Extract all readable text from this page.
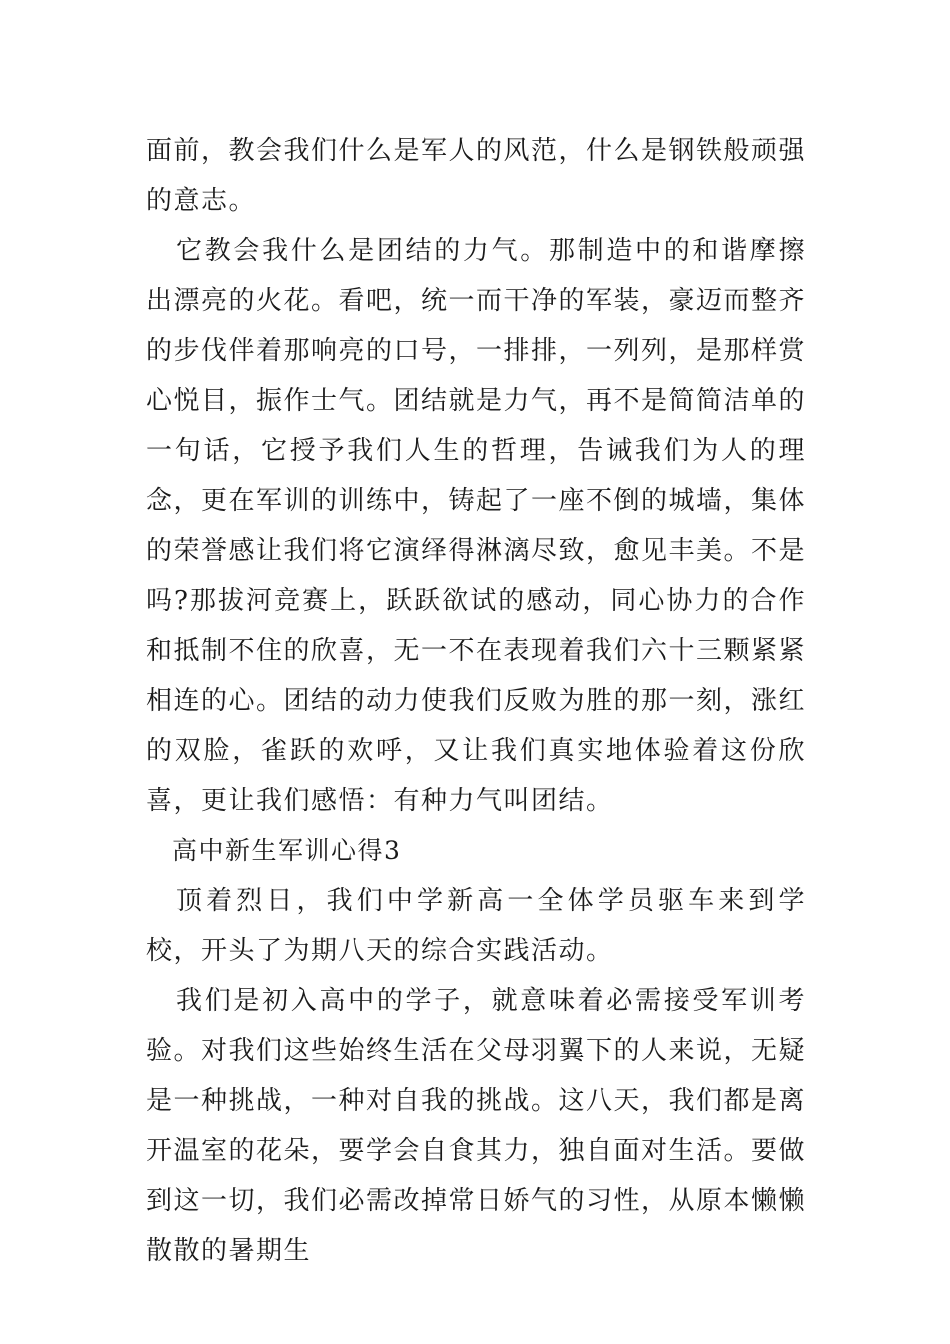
面前，教会我们什么是军人的风范，什么是钢铁般顽强的意志。

它教会我什么是团结的力气。那制造中的和谐摩擦出漂亮的火花。看吧，统一而干净的军装，豪迈而整齐的步伐伴着那响亮的口号，一排排，一列列，是那样赏心悦目，振作士气。团结就是力气，再不是简简洁单的一句话，它授予我们人生的哲理，告诫我们为人的理念，更在军训的训练中，铸起了一座不倒的城墙，集体的荣誉感让我们将它演绎得淋漓尽致，愈见丰美。不是吗?那拔河竞赛上，跃跃欲试的感动，同心协力的合作和抵制不住的欣喜，无一不在表现着我们六十三颗紧紧相连的心。团结的动力使我们反败为胜的那一刻，涨红的双脸，雀跃的欢呼，又让我们真实地体验着这份欣喜，更让我们感悟：有种力气叫团结。

高中新生军训心得3

顶着烈日，我们中学新高一全体学员驱车来到学校，开头了为期八天的综合实践活动。

我们是初入高中的学子，就意味着必需接受军训考验。对我们这些始终生活在父母羽翼下的人来说，无疑是一种挑战，一种对自我的挑战。这八天，我们都是离开温室的花朵，要学会自食其力，独自面对生活。要做到这一切，我们必需改掉常日娇气的习性，从原本懒懒散散的暑期生
